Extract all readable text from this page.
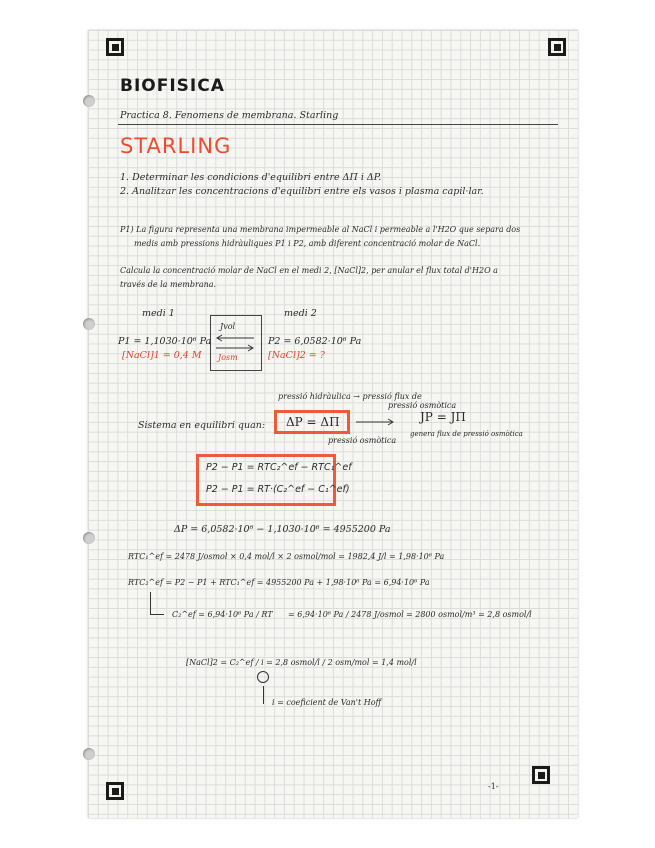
BIOFISICA
Practica 8. Fenomens de membrana. Starling
STARLING
1. Determinar les condicions d'equilibri entre ΔΠ i ΔP.
2. Analitzar les concentracions d'equilibri entre els vasos i plasma capil·lar.
P1) La figura representa una membrana impermeable al NaCl i permeable a l'H2O que separa dos
medis amb pressions hidràuliques P1 i P2, amb diferent concentració molar de NaCl.
Calcula la concentració molar de NaCl en el medi 2, [NaCl]2, per anular el flux total d'H2O a
través de la membrana.
medi 1	medi 2
Jvol
Josm
P1 = 1,1030·10⁶ Pa
[NaCl]1 = 0,4 M
P2 = 6,0582·10⁶ Pa
[NaCl]2 = ?
pressió hidràulica → pressió flux de
pressió osmòtica
Sistema en equilibri quan: ΔP = ΔΠ	JP = JΠ
pressió osmòtica
genera flux de pressió osmòtica
P2 − P1 = RTC₂^ef − RTC₁^ef
P2 − P1 = RT·(C₂^ef − C₁^ef)
ΔP = 6,0582·10⁶ − 1,1030·10⁶ = 4955200 Pa
RTC₁^ef = 2478 J/osmol × 0,4 mol/l × 2 osmol/mol = 1982,4 J/l = 1,98·10⁶ Pa
RTC₂^ef = P2 − P1 + RTC₁^ef = 4955200 Pa + 1,98·10⁶ Pa = 6,94·10⁶ Pa
C₂^ef = 6,94·10⁶ Pa / RT = 6,94·10⁶ Pa / 2478 J/osmol = 2800 osmol/m³ = 2,8 osmol/l
[NaCl]2 = C₂^ef / i = 2,8 osmol/l / 2 osm/mol = 1,4 mol/l
i = coeficient de Van't Hoff
-1-
